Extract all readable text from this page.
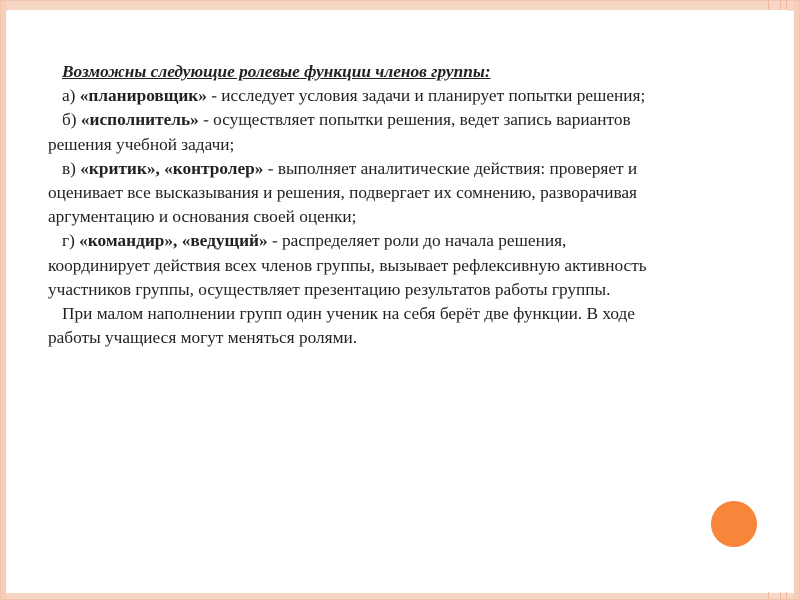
Возможны следующие ролевые функции членов группы:

а) «планировщик» - исследует условия задачи и планирует попытки решения;

б) «исполнитель» - осуществляет попытки решения, ведет запись вариантов решения учебной задачи;

в) «критик», «контролер» - выполняет аналитические действия: проверяет и оценивает все высказывания и решения, подвергает их сомнению, разворачивая аргументацию и основания своей оценки;

г) «командир», «ведущий» - распределяет роли до начала решения, координирует действия всех членов группы, вызывает рефлексивную активность участников группы, осуществляет презентацию результатов работы группы.

При малом наполнении групп один ученик на себя берёт две функции. В ходе работы учащиеся могут меняться ролями.
